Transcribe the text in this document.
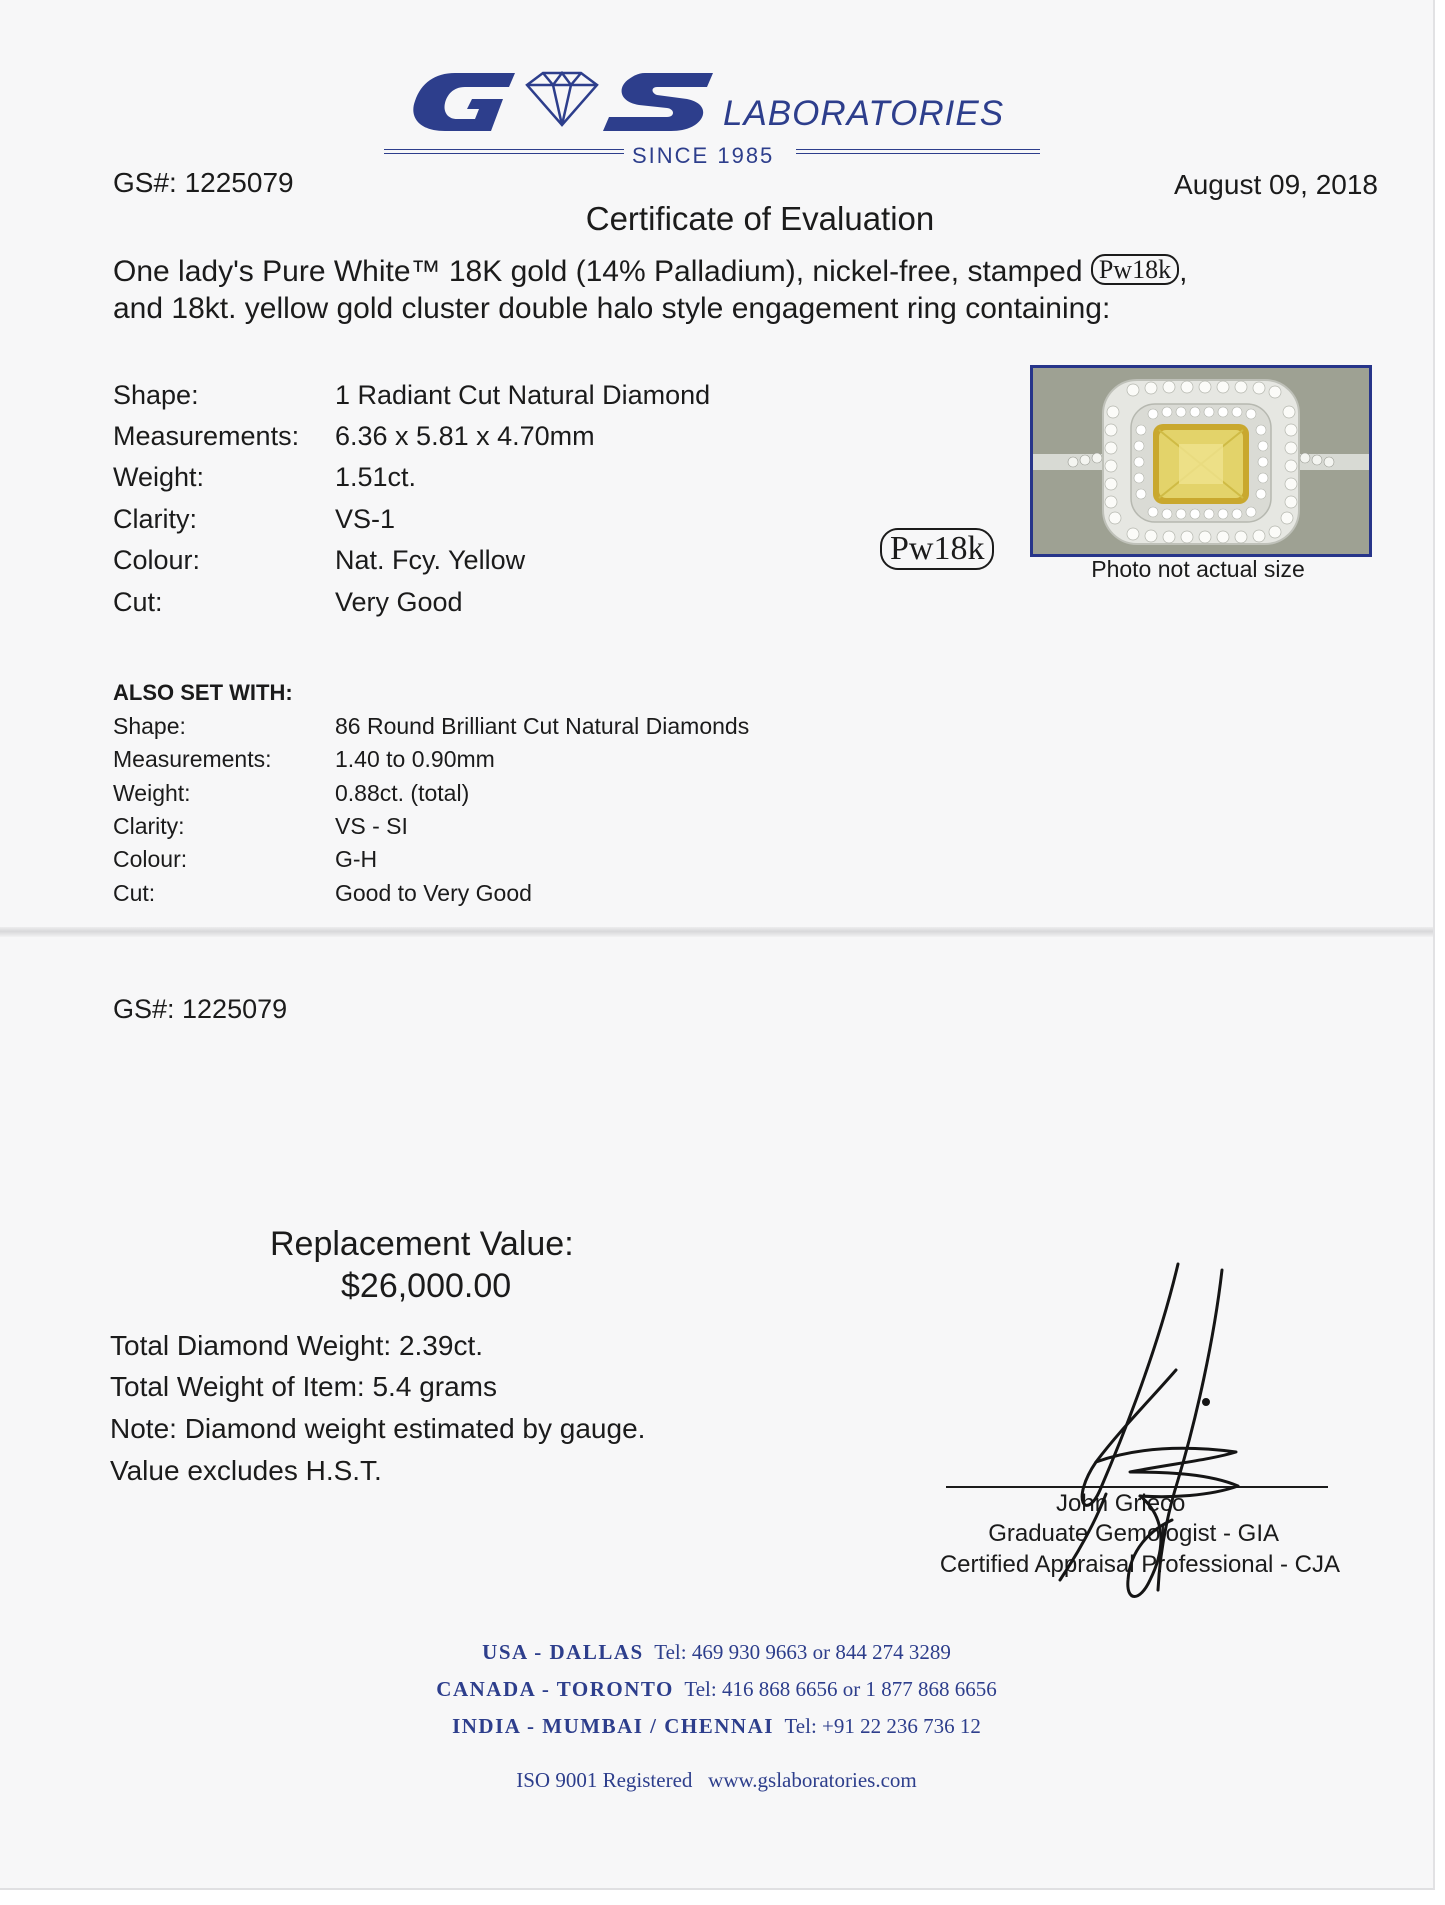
LABORATORIES
SINCE 1985
GS#: 1225079	August 09, 2018
Certificate of Evaluation
One lady's Pure White™ 18K gold (14% Palladium), nickel-free, stamped Pw18k ,
and 18kt. yellow gold cluster double halo style engagement ring containing:
Shape:	1 Radiant Cut Natural Diamond
Measurements: 6.36 x 5.81 x 4.70mm
Weight:	1.51ct.
Clarity:	VS-1
Colour:	Nat. Fcy. Yellow
Cut:	Very Good
Pw18k
Photo not actual size
ALSO SET WITH:
Shape:	86 Round Brilliant Cut Natural Diamonds
Measurements:	1.40 to 0.90mm
Weight:	0.88ct. (total)
Clarity:	VS - SI
Colour:	G-H
Cut:	Good to Very Good
GS#: 1225079
Replacement Value:
$26,000.00
Total Diamond Weight: 2.39ct.
Total Weight of Item: 5.4 grams
Note: Diamond weight estimated by gauge.
Value excludes H.S.T.
John Grieco
Graduate Gemologist - GIA
Certified Appraisal Professional - CJA
USA - DALLAS Tel: 469 930 9663 or 844 274 3289
CANADA - TORONTO Tel: 416 868 6656 or 1 877 868 6656
INDIA - MUMBAI / CHENNAI Tel: +91 22 236 736 12
ISO 9001 Registered www.gslaboratories.com
